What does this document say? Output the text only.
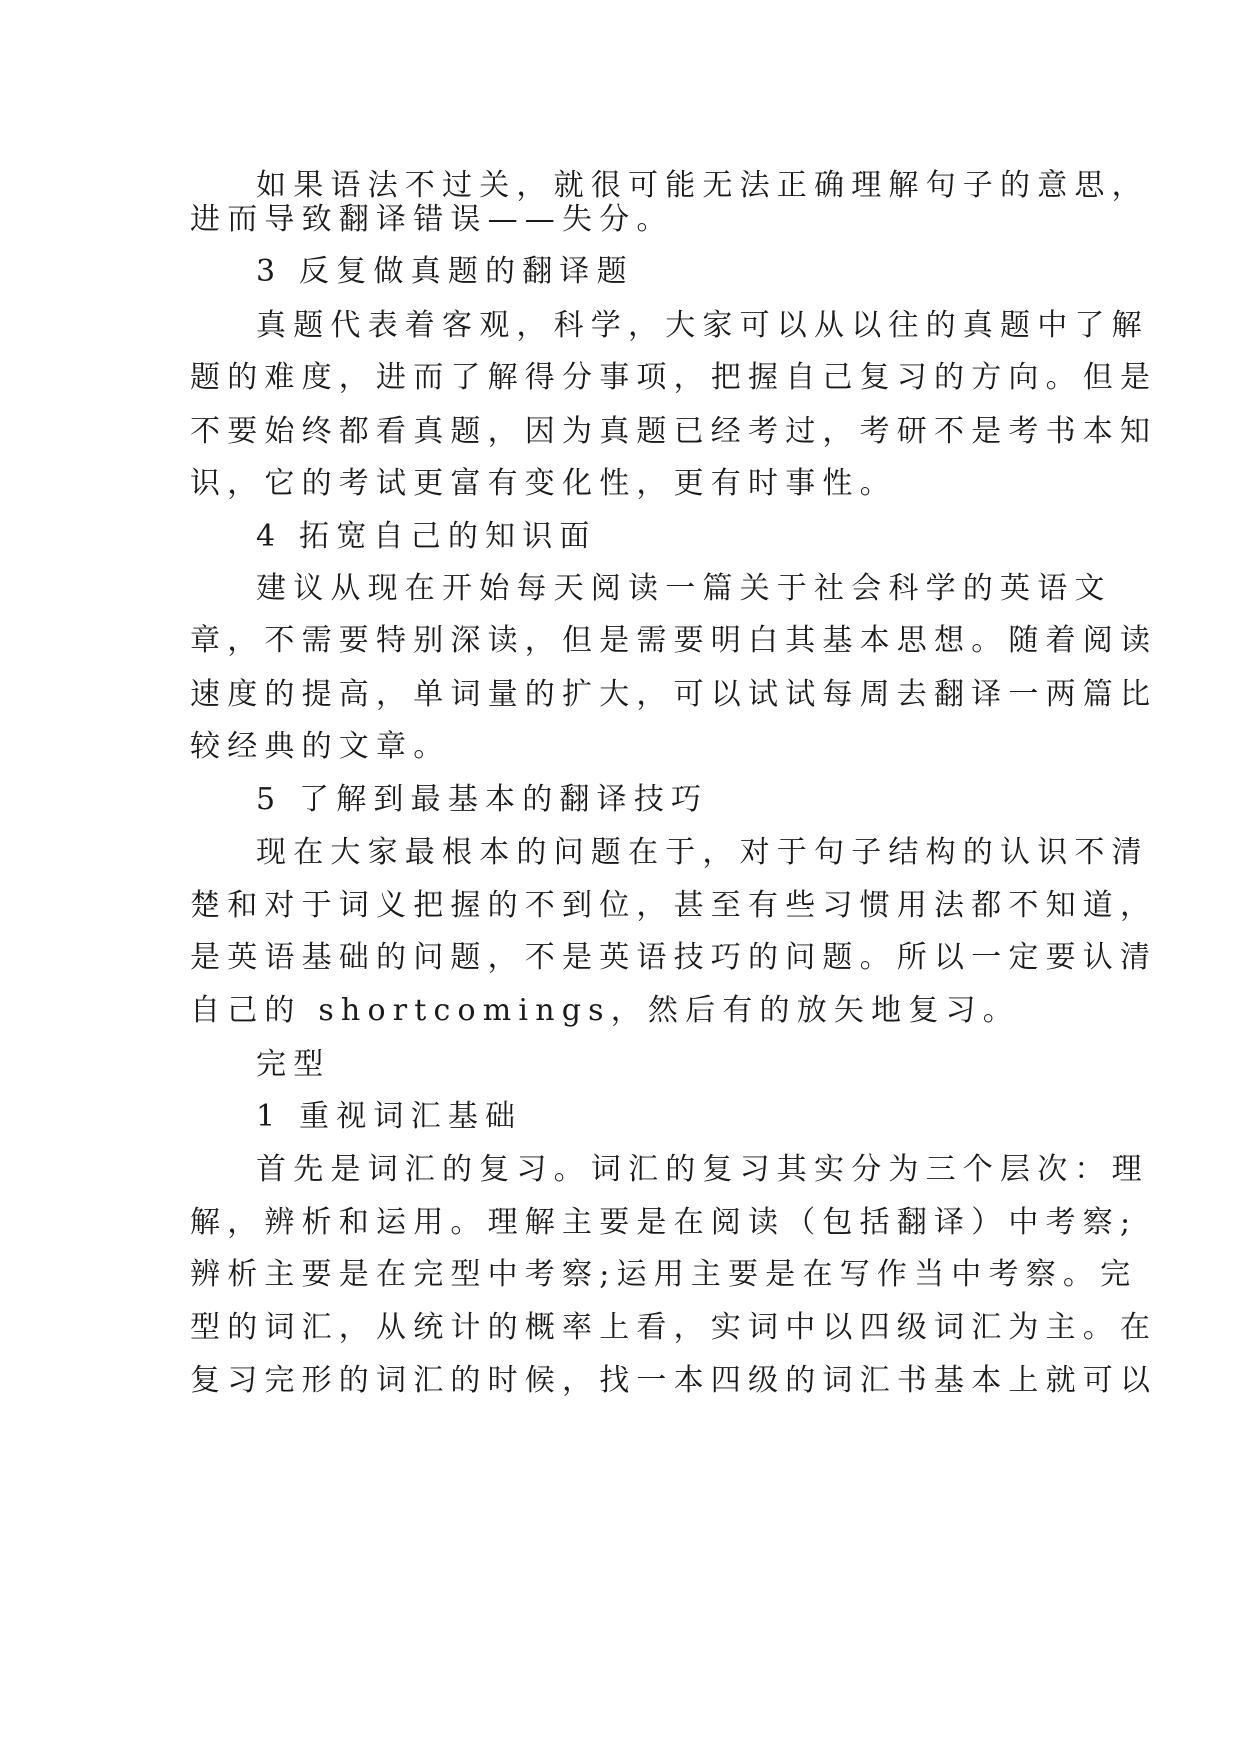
如果语法不过关，就很可能无法正确理解句子的意思，

进而导致翻译错误——失分。

3 反复做真题的翻译题

真题代表着客观，科学，大家可以从以往的真题中了解

题的难度，进而了解得分事项，把握自己复习的方向。但是

不要始终都看真题，因为真题已经考过，考研不是考书本知

识，它的考试更富有变化性，更有时事性。

4 拓宽自己的知识面

建议从现在开始每天阅读一篇关于社会科学的英语文

章，不需要特别深读，但是需要明白其基本思想。随着阅读

速度的提高，单词量的扩大，可以试试每周去翻译一两篇比

较经典的文章。

5 了解到最基本的翻译技巧

现在大家最根本的问题在于，对于句子结构的认识不清

楚和对于词义把握的不到位，甚至有些习惯用法都不知道，

是英语基础的问题，不是英语技巧的问题。所以一定要认清

自己的 shortcomings，然后有的放矢地复习。

完型

1 重视词汇基础

首先是词汇的复习。词汇的复习其实分为三个层次：理

解，辨析和运用。理解主要是在阅读（包括翻译）中考察;

辨析主要是在完型中考察;运用主要是在写作当中考察。完

型的词汇，从统计的概率上看，实词中以四级词汇为主。在

复习完形的词汇的时候，找一本四级的词汇书基本上就可以
